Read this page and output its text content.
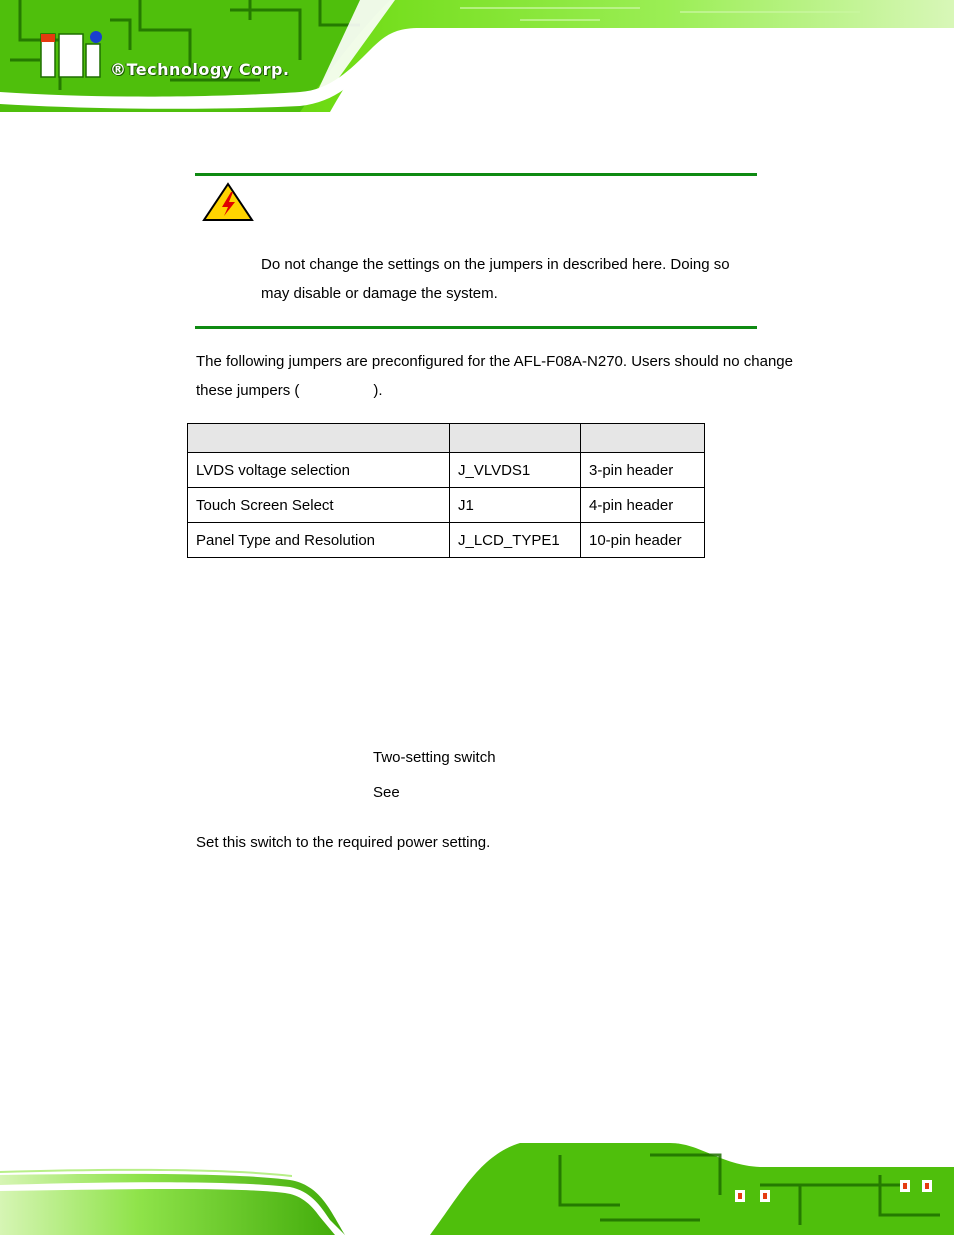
®Technology Corp.
Do not change the settings on the jumpers in described here. Doing so
may disable or damage the system.
The following jumpers are preconfigured for the AFL-F08A-N270. Users should no change
these jumpers (	).

LVDS voltage selection	J_VLVDS1	3-pin header
Touch Screen Select	J1	4-pin header
Panel Type and Resolution	J_LCD_TYPE1	10-pin header
Two-setting switch
See
Set this switch to the required power setting.
